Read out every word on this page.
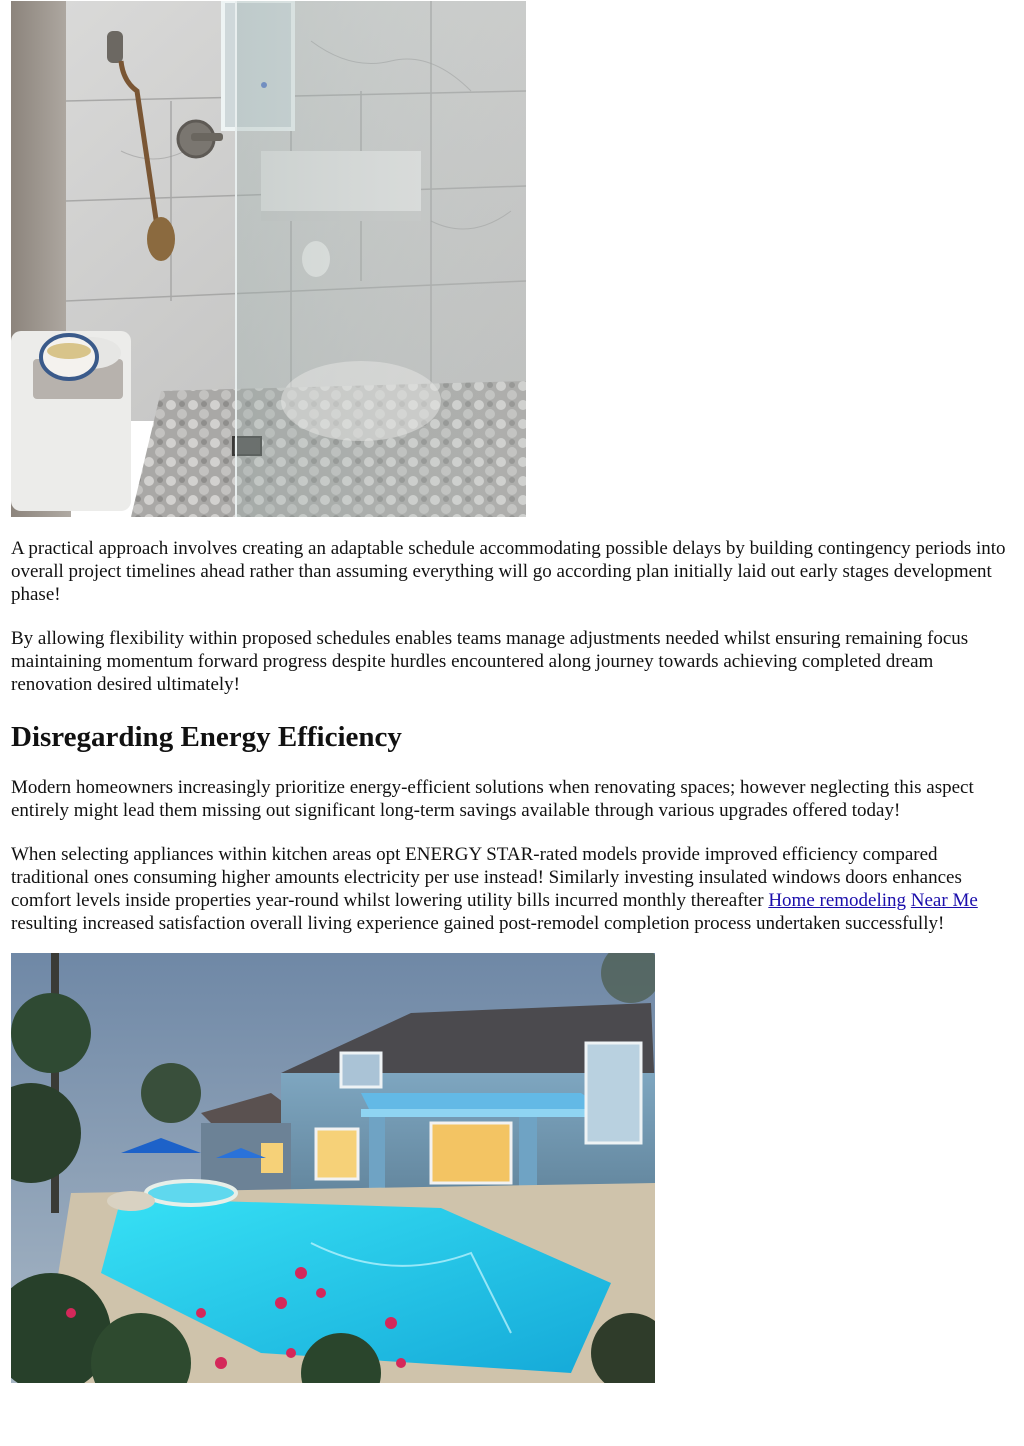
A practical approach involves creating an adaptable schedule accommodating possible delays by building contingency periods into overall project timelines ahead rather than assuming everything will go according plan initially laid out early stages development phase!

By allowing flexibility within proposed schedules enables teams manage adjustments needed whilst ensuring remaining focus maintaining momentum forward progress despite hurdles encountered along journey towards achieving completed dream renovation desired ultimately!

Disregarding Energy Efficiency

Modern homeowners increasingly prioritize energy-efficient solutions when renovating spaces; however neglecting this aspect entirely might lead them missing out significant long-term savings available through various upgrades offered today!

When selecting appliances within kitchen areas opt ENERGY STAR-rated models provide improved efficiency compared traditional ones consuming higher amounts electricity per use instead! Similarly investing insulated windows doors enhances comfort levels inside properties year-round whilst lowering utility bills incurred monthly thereafter Home remodeling Near Me resulting increased satisfaction overall living experience gained post-remodel completion process undertaken successfully!
